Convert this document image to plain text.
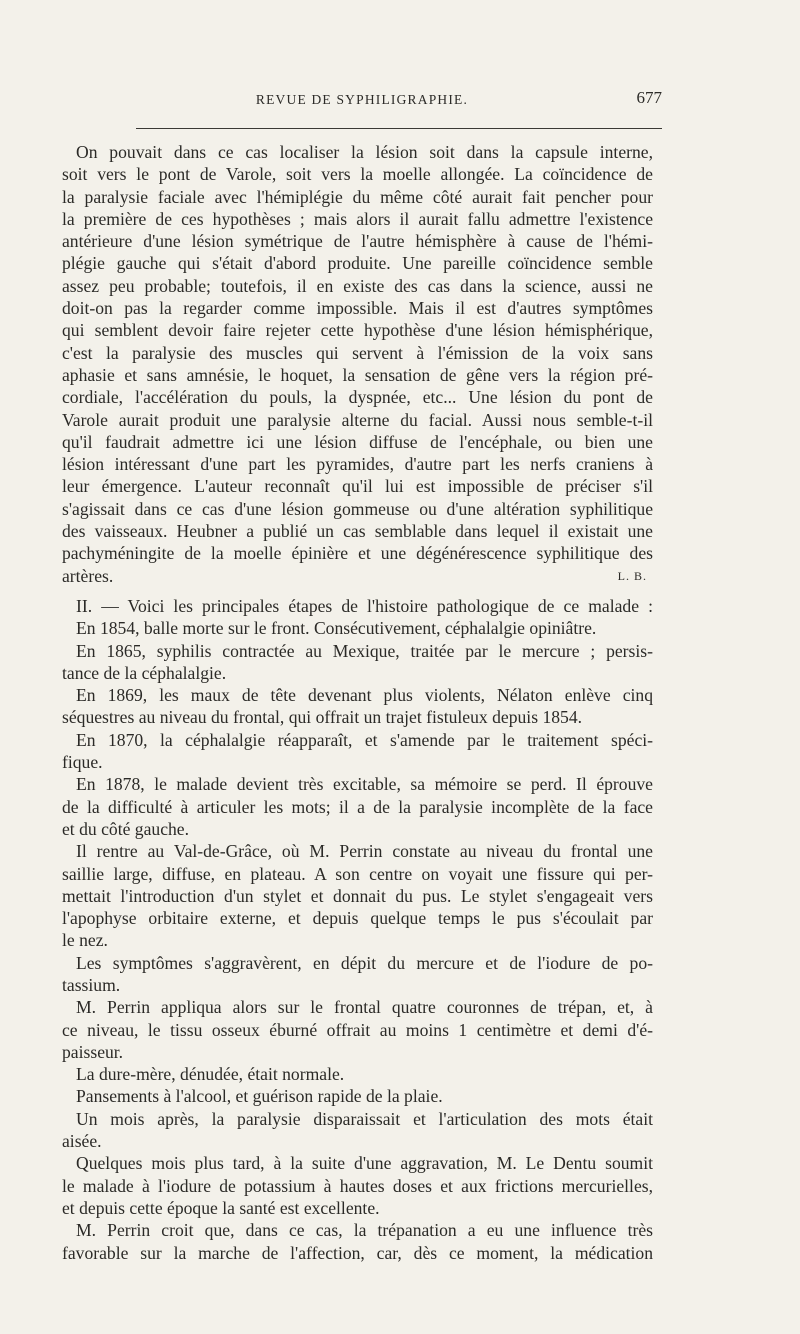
REVUE DE SYPHILIGRAPHIE.	677
On pouvait dans ce cas localiser la lésion soit dans la capsule interne,
soit vers le pont de Varole, soit vers la moelle allongée. La coïncidence de
la paralysie faciale avec l'hémiplégie du même côté aurait fait pencher pour
la première de ces hypothèses ; mais alors il aurait fallu admettre l'existence
antérieure d'une lésion symétrique de l'autre hémisphère à cause de l'hémi-
plégie gauche qui s'était d'abord produite. Une pareille coïncidence semble
assez peu probable; toutefois, il en existe des cas dans la science, aussi ne
doit-on pas la regarder comme impossible. Mais il est d'autres symptômes
qui semblent devoir faire rejeter cette hypothèse d'une lésion hémisphérique,
c'est la paralysie des muscles qui servent à l'émission de la voix sans
aphasie et sans amnésie, le hoquet, la sensation de gêne vers la région pré-
cordiale, l'accélération du pouls, la dyspnée, etc... Une lésion du pont de
Varole aurait produit une paralysie alterne du facial. Aussi nous semble-t-il
qu'il faudrait admettre ici une lésion diffuse de l'encéphale, ou bien une
lésion intéressant d'une part les pyramides, d'autre part les nerfs craniens à
leur émergence. L'auteur reconnaît qu'il lui est impossible de préciser s'il
s'agissait dans ce cas d'une lésion gommeuse ou d'une altération syphilitique
des vaisseaux. Heubner a publié un cas semblable dans lequel il existait une
pachyméningite de la moelle épinière et une dégénérescence syphilitique des
artères.	L. B.
II. — Voici les principales étapes de l'histoire pathologique de ce malade :
En 1854, balle morte sur le front. Consécutivement, céphalalgie opiniâtre.
En 1865, syphilis contractée au Mexique, traitée par le mercure ; persis-
tance de la céphalalgie.
En 1869, les maux de tête devenant plus violents, Nélaton enlève cinq
séquestres au niveau du frontal, qui offrait un trajet fistuleux depuis 1854.
En 1870, la céphalalgie réapparaît, et s'amende par le traitement spéci-
fique.
En 1878, le malade devient très excitable, sa mémoire se perd. Il éprouve
de la difficulté à articuler les mots; il a de la paralysie incomplète de la face
et du côté gauche.
Il rentre au Val-de-Grâce, où M. Perrin constate au niveau du frontal une
saillie large, diffuse, en plateau. A son centre on voyait une fissure qui per-
mettait l'introduction d'un stylet et donnait du pus. Le stylet s'engageait vers
l'apophyse orbitaire externe, et depuis quelque temps le pus s'écoulait par
le nez.
Les symptômes s'aggravèrent, en dépit du mercure et de l'iodure de po-
tassium.
M. Perrin appliqua alors sur le frontal quatre couronnes de trépan, et, à
ce niveau, le tissu osseux éburné offrait au moins 1 centimètre et demi d'é-
paisseur.
La dure-mère, dénudée, était normale.
Pansements à l'alcool, et guérison rapide de la plaie.
Un mois après, la paralysie disparaissait et l'articulation des mots était
aisée.
Quelques mois plus tard, à la suite d'une aggravation, M. Le Dentu soumit
le malade à l'iodure de potassium à hautes doses et aux frictions mercurielles,
et depuis cette époque la santé est excellente.
M. Perrin croit que, dans ce cas, la trépanation a eu une influence très
favorable sur la marche de l'affection, car, dès ce moment, la médication
